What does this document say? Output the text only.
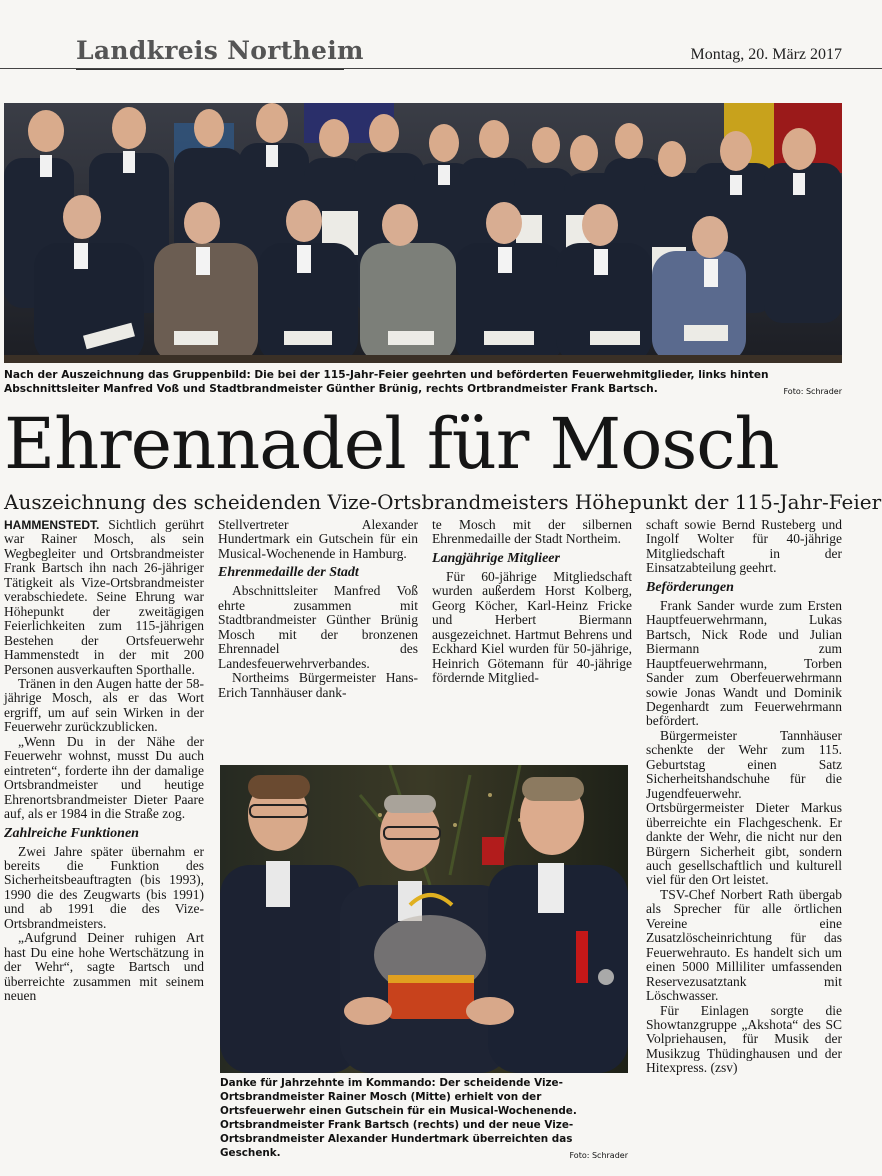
Landkreis Northeim	Montag, 20. März 2017
Nach der Auszeichnung das Gruppenbild: Die bei der 115-Jahr-Feier geehrten und beförderten Feuerwehmitglieder, links hinten Abschnittsleiter Manfred Voß und Stadtbrandmeister Günther Brünig, rechts Ortbrandmeister Frank Bartsch.	Foto: Schrader
Ehrennadel für Mosch
Auszeichnung des scheidenden Vize-Ortsbrandmeisters Höhepunkt der 115-Jahr-Feier

HAMMENSTEDT. Sichtlich gerührt war Rainer Mosch, als sein Wegbegleiter und Ortsbrandmeister Frank Bartsch ihn nach 26-jähriger Tätigkeit als Vize-Ortsbrandmeister verabschiedete. Seine Ehrung war Höhepunkt der zweitägigen Feierlichkeiten zum 115-jährigen Bestehen der Ortsfeuerwehr Hammenstedt in der mit 200 Personen ausverkauften Sporthalle.

Tränen in den Augen hatte der 58-jährige Mosch, als er das Wort ergriff, um auf sein Wirken in der Feuerwehr zurückzublicken.

„Wenn Du in der Nähe der Feuerwehr wohnst, musst Du auch eintreten“, forderte ihn der damalige Ortsbrandmeister und heutige Ehrenortsbrandmeister Dieter Paare auf, als er 1984 in die Straße zog.

Zahlreiche Funktionen

Zwei Jahre später übernahm er bereits die Funktion des Sicherheitsbeauftragten (bis 1993), 1990 die des Zeugwarts (bis 1991) und ab 1991 die des Vize-Ortsbrandmeisters.

„Aufgrund Deiner ruhigen Art hast Du eine hohe Wertschätzung in der Wehr“, sagte Bartsch und überreichte zusammen mit seinem neuen

Stellvertreter Alexander Hundertmark ein Gutschein für ein Musical-Wochenende in Hamburg.

Ehrenmedaille der Stadt

Abschnittsleiter Manfred Voß ehrte zusammen mit Stadtbrandmeister Günther Brünig Mosch mit der bronzenen Ehrennadel des Landesfeuerwehrverbandes.

Northeims Bürgermeister Hans-Erich Tannhäuser dank-

te Mosch mit der silbernen Ehrenmedaille der Stadt Northeim.

Langjährige Mitglieer

Für 60-jährige Mitgliedschaft wurden außerdem Horst Kolberg, Georg Köcher, Karl-Heinz Fricke und Herbert Biermann ausgezeichnet. Hartmut Behrens und Eckhard Kiel wurden für 50-jährige, Heinrich Götemann für 40-jährige fördernde Mitglied-

schaft sowie Bernd Rusteberg und Ingolf Wolter für 40-jährige Mitgliedschaft in der Einsatzabteilung geehrt.

Beförderungen

Frank Sander wurde zum Ersten Hauptfeuerwehrmann, Lukas Bartsch, Nick Rode und Julian Biermann zum Hauptfeuerwehrmann, Torben Sander zum Oberfeuerwehrmann sowie Jonas Wandt und Dominik Degenhardt zum Feuerwehrmann befördert.

Bürgermeister Tannhäuser schenkte der Wehr zum 115. Geburtstag einen Satz Sicherheitshandschuhe für die Jugendfeuerwehr. Ortsbürgermeister Dieter Markus überreichte ein Flachgeschenk. Er dankte der Wehr, die nicht nur den Bürgern Sicherheit gibt, sondern auch gesellschaftlich und kulturell viel für den Ort leistet.

TSV-Chef Norbert Rath übergab als Sprecher für alle örtlichen Vereine eine Zusatzlöscheinrichtung für das Feuerwehrauto. Es handelt sich um einen 5000 Milliliter umfassenden Reservezusatztank mit Löschwasser.

Für Einlagen sorgte die Showtanzgruppe „Akshota“ des SC Volpriehausen, für Musik der Musikzug Thüdinghausen und der Hitexpress. (zsv)

Danke für Jahrzehnte im Kommando: Der scheidende Vize-Ortsbrandmeister Rainer Mosch (Mitte) erhielt von der Ortsfeuerwehr einen Gutschein für ein Musical-Wochenende. Ortsbrandmeister Frank Bartsch (rechts) und der neue Vize-Ortsbrandmeister Alexander Hundertmark überreichten das Geschenk.	Foto: Schrader
